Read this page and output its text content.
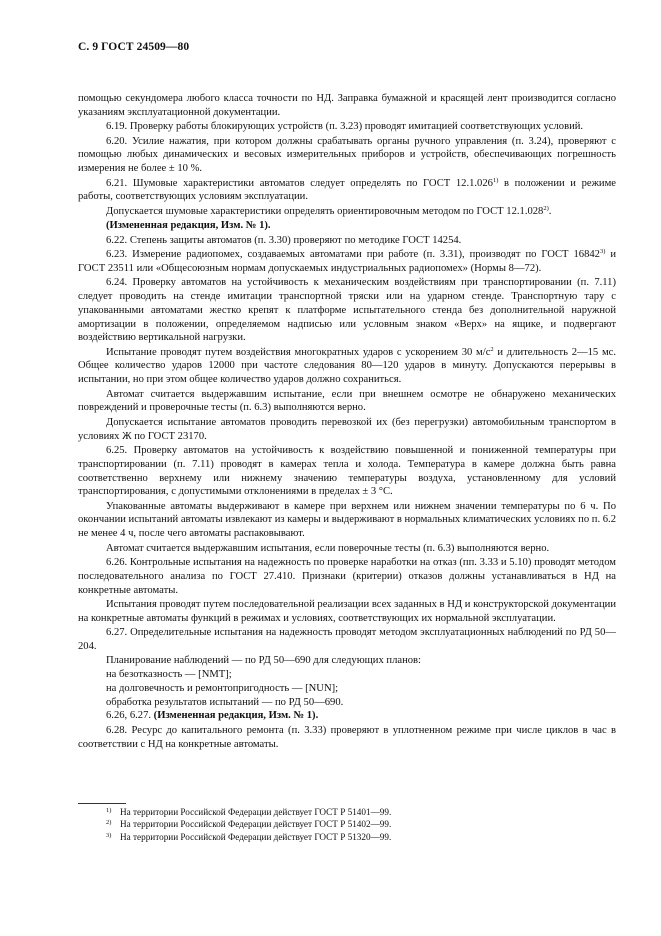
С. 9 ГОСТ 24509—80

помощью секундомера любого класса точности по НД. Заправка бумажной и красящей лент производится согласно указаниям эксплуатационной документации.

6.19. Проверку работы блокирующих устройств (п. 3.23) проводят имитацией соответствующих условий.

6.20. Усилие нажатия, при котором должны срабатывать органы ручного управления (п. 3.24), проверяют с помощью любых динамических и весовых измерительных приборов и устройств, обеспечивающих погрешность измерения не более ± 10 %.

6.21. Шумовые характеристики автоматов следует определять по ГОСТ 12.1.026$^{1)}$ в положении и режиме работы, соответствующих условиям эксплуатации.

Допускается шумовые характеристики определять ориентировочным методом по ГОСТ 12.1.028$^{2)}$.

(Измененная редакция, Изм. № 1).

6.22. Степень защиты автоматов (п. 3.30) проверяют по методике ГОСТ 14254.

6.23. Измерение радиопомех, создаваемых автоматами при работе (п. 3.31), производят по ГОСТ 16842$^{3)}$ и ГОСТ 23511 или «Общесоюзным нормам допускаемых индустриальных радиопомех» (Нормы 8—72).

6.24. Проверку автоматов на устойчивость к механическим воздействиям при транспортировании (п. 7.11) следует проводить на стенде имитации транспортной тряски или на ударном стенде. Транспортную тару с упакованными автоматами жестко крепят к платформе испытательного стенда без дополнительной наружной амортизации в положении, определяемом надписью или условным знаком «Верх» на ящике, и подвергают воздействию вертикальной нагрузки.

Испытание проводят путем воздействия многократных ударов с ускорением 30 $м/с^2$ и длительность 2—15 мс. Общее количество ударов 12000 при частоте следования 80—120 ударов в минуту. Допускаются перерывы в испытании, но при этом общее количество ударов должно сохраниться.

Автомат считается выдержавшим испытание, если при внешнем осмотре не обнаружено механических повреждений и проверочные тесты (п. 6.3) выполняются верно.

Допускается испытание автоматов проводить перевозкой их (без перегрузки) автомобильным транспортом в условиях Ж по ГОСТ 23170.

6.25. Проверку автоматов на устойчивость к воздействию повышенной и пониженной температуры при транспортировании (п. 7.11) проводят в камерах тепла и холода. Температура в камере должна быть равна соответственно верхнему или нижнему значению температуры воздуха, установленному для условий транспортирования, с допустимыми отклонениями в пределах ± 3 °С.

Упакованные автоматы выдерживают в камере при верхнем или нижнем значении температуры по 6 ч. По окончании испытаний автоматы извлекают из камеры и выдерживают в нормальных климатических условиях по п. 6.2 не менее 4 ч, после чего автоматы распаковывают.

Автомат считается выдержавшим испытания, если поверочные тесты (п. 6.3) выполняются верно.

6.26. Контрольные испытания на надежность по проверке наработки на отказ (пп. 3.33 и 5.10) проводят методом последовательного анализа по ГОСТ 27.410. Признаки (критерии) отказов должны устанавливаться в НД на конкретные автоматы.

Испытания проводят путем последовательной реализации всех заданных в НД и конструкторской документации на конкретные автоматы функций в режимах и условиях, соответствующих их нормальной эксплуатации.

6.27. Определительные испытания на надежность проводят методом эксплуатационных наблюдений по РД 50—204.

Планирование наблюдений — по РД 50—690 для следующих планов:

на безотказность — [NMT];

на долговечность и ремонтопригодность — [NUN];

обработка результатов испытаний — по РД 50—690.

6.26, 6.27. (Измененная редакция, Изм. № 1).

6.28. Ресурс до капитального ремонта (п. 3.33) проверяют в уплотненном режиме при числе циклов в час в соответствии с НД на конкретные автоматы.

1) На территории Российской Федерации действует ГОСТ Р 51401—99.
2) На территории Российской Федерации действует ГОСТ Р 51402—99.
3) На территории Российской Федерации действует ГОСТ Р 51320—99.
